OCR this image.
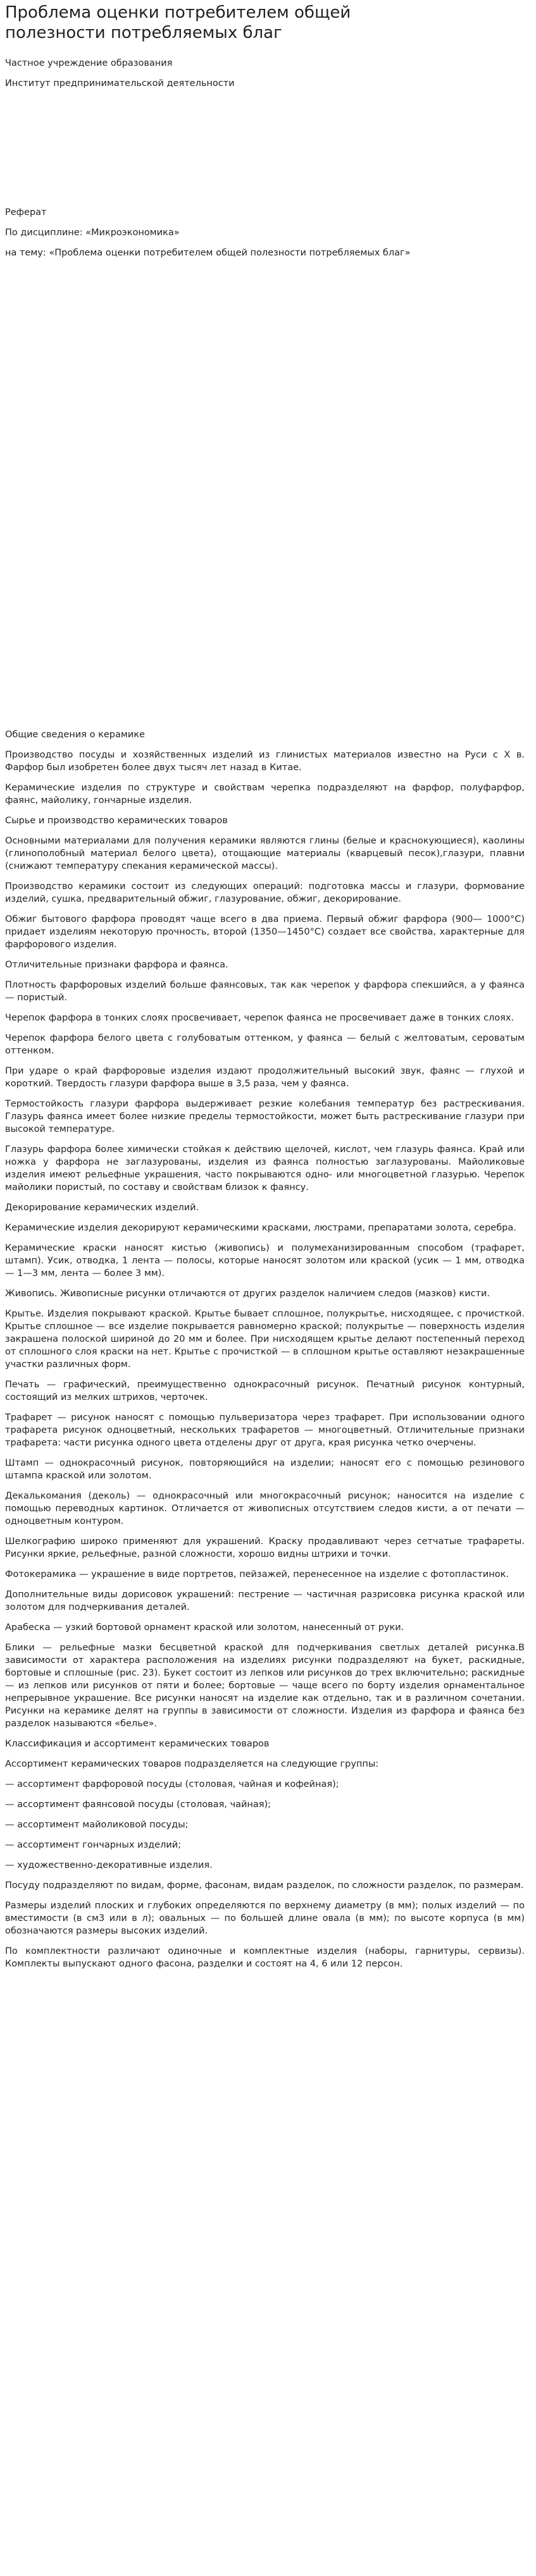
Проблема оценки потребителем общей полезности потребляемых благ

Частное учреждение образования

Институт предпринимательской деятельности

Реферат

По дисциплине: «Микроэкономика»

на тему: «Проблема оценки потребителем общей полезности потребляемых благ»

Общие сведения о керамике

Производство посуды и хозяйственных изделий из глинистых материалов известно на Руси с X в. Фарфор был изобретен более двух тысяч лет назад в Китае.

Керамические изделия по структуре и свойствам черепка подразделяют на фарфор, полуфарфор, фаянс, майолику, гончарные изделия.

Сырье и производство керамических товаров

Основными материалами для получения керамики являются глины (белые и краснокующиеся), каолины (глинополобный материал белого цвета), отощающие материалы (кварцевый песок),глазури, плавни (снижают температуру спекания керамической массы).

Производство керамики состоит из следующих операций: подготовка массы и глазури, формование изделий, сушка, предварительный обжиг, глазурование, обжиг, декорирование.

Обжиг бытового фарфора проводят чаще всего в два приема. Первый обжиг фарфора (900— 1000°С) придает изделиям некоторую прочность, второй (1350—1450°С) создает все свойства, характерные для фарфорового изделия.

Отличительные признаки фарфора и фаянса.

Плотность фарфоровых изделий больше фаянсовых, так как черепок у фарфора спекшийся, а у фаянса — пористый.

Черепок фарфора в тонких слоях просвечивает, черепок фаянса не просвечивает даже в тонких слоях.

Черепок фарфора белого цвета с голубоватым оттенком, у фаянса — белый с желтоватым, серовaтым оттенком.

При ударе о край фарфоровые изделия издают продолжительный высокий звук, фаянс — глухой и короткий. Твердость глазури фарфора выше в 3,5 раза, чем у фаянса.

Термостойкость глазури фарфора выдерживает резкие колебания температур без растрескивания. Глазурь фаянса имеет более низкие пределы термостойкости, может быть растрескивание глазури при высокой температуре.

Глазурь фарфора более химически стойкая к действию щелочей, кислот, чем глазурь фаянса. Край или ножка у фарфора не заглазурованы, изделия из фаянса полностью заглазурованы. Майоликовые изделия имеют рельефные украшения, часто покрываются одно- или многоцветной глазурью. Черепок майолики пористый, по составу и свойствам близок к фаянсу.

Декорирование керамических изделий.

Керамические изделия декорируют керамическими красками, люстрами, препаратами золота, серебра.

Керамические краски наносят кистью (живопись) и полумеханизированным способом (трафарет, штамп). Усик, отводка, 1 лента — полосы, которые наносят золотом или краской (усик — 1 мм, отводка — 1—3 мм, лента — более 3 мм).

Живопись. Живописные рисунки отличаются от других разделок наличием следов (мазков) кисти.

Крытье. Изделия покрывают краской. Крытье бывает сплошное, полукрытье, нисходящее, с прочисткой. Крытье сплошное — все изделие покрывается равномерно краской; полукрытье — поверхность изделия закрашена полоской шириной до 20 мм и более. При нисходящем крытье делают постепенный переход от сплошного слоя краски на нет. Крытье с прочисткой — в сплошном крытье оставляют незакрашенные участки различных форм.

Печать — графический, преимущественно однокрасочный рисунок. Печатный рисунок контурный, состоящий из мелких штрихов, черточек.

Трафарет — рисунок наносят с помощью пульверизатора через трафарет. При использовании одного трафарета рисунок одноцветный, нескольких трафаретов — многоцветный. Отличительные признаки трафарета: части рисунка одного цвета отделены друг от друга, края рисунка четко очерчены.

Штамп — однокрасочный рисунок, повторяющийся на изделии; наносят его с помощью резинового штампа краской или золотом.

Декалькомания (деколь) — однокрасочный или многокрасочный рисунок; наносится на изделие с помощью переводных картинок. Отличается от живописных отсутствием следов кисти, а от печати — одноцветным контуром.

Шелкографию широко применяют для украшений. Краску продавливают через сетчатые трафареты. Рисунки яркие, рельефные, разной сложности, хорошо видны штрихи и точки.

Фотокерамика — украшение в виде портретов, пейзажей, перенесенное на изделие с фотопластинок.

Дополнительные виды дорисовок украшений: пестрение — частичная разрисовка рисунка краской или золотом для подчеркивания деталей.

Арабеска — узкий бортовой орнамент краской или золотом, нанесенный от руки.

Блики — рельефные мазки бесцветной краской для подчеркивания светлых деталей рисунка.В зависимости от характера расположения на изделиях рисунки подразделяют на букет, раскидные, бортовые и сплошные (рис. 23). Букет состоит из лепков или рисунков до трех включительно; раскидные — из лепков или рисунков от пяти и более; бортовые — чаще всего по борту изделия орнаментальное непрерывное украшение. Все рисунки наносят на изделие как отдельно, так и в различном сочетании. Рисунки на керамике делят на группы в зависимости от сложности. Изделия из фарфора и фаянса без разделок называются «белье».

Классификация и ассортимент керамических товаров

Ассортимент керамических товаров подразделяется на следующие группы:

— ассортимент фарфоровой посуды (столовая, чайная и кофейная);

— ассортимент фаянсовой посуды (столовая, чайная);

— ассортимент майоликовой посуды;

— ассортимент гончарных изделий;

— художественно-декоративные изделия.

Посуду подразделяют по видам, форме, фасонам, видам разделок, по сложности разделок, по размерам.

Размеры изделий плоских и глубоких определяются по верхнему диаметру (в мм); полых изделий — по вместимости (в см3 или в л); овальных — по большей длине овала (в мм); по высоте корпуса (в мм) обозначаются размеры высоких изделий.

По комплектности различают одиночные и комплектные изделия (наборы, гарнитуры, сервизы). Комплекты выпускают одного фасона, разделки и состоят на 4, 6 или 12 персон.
